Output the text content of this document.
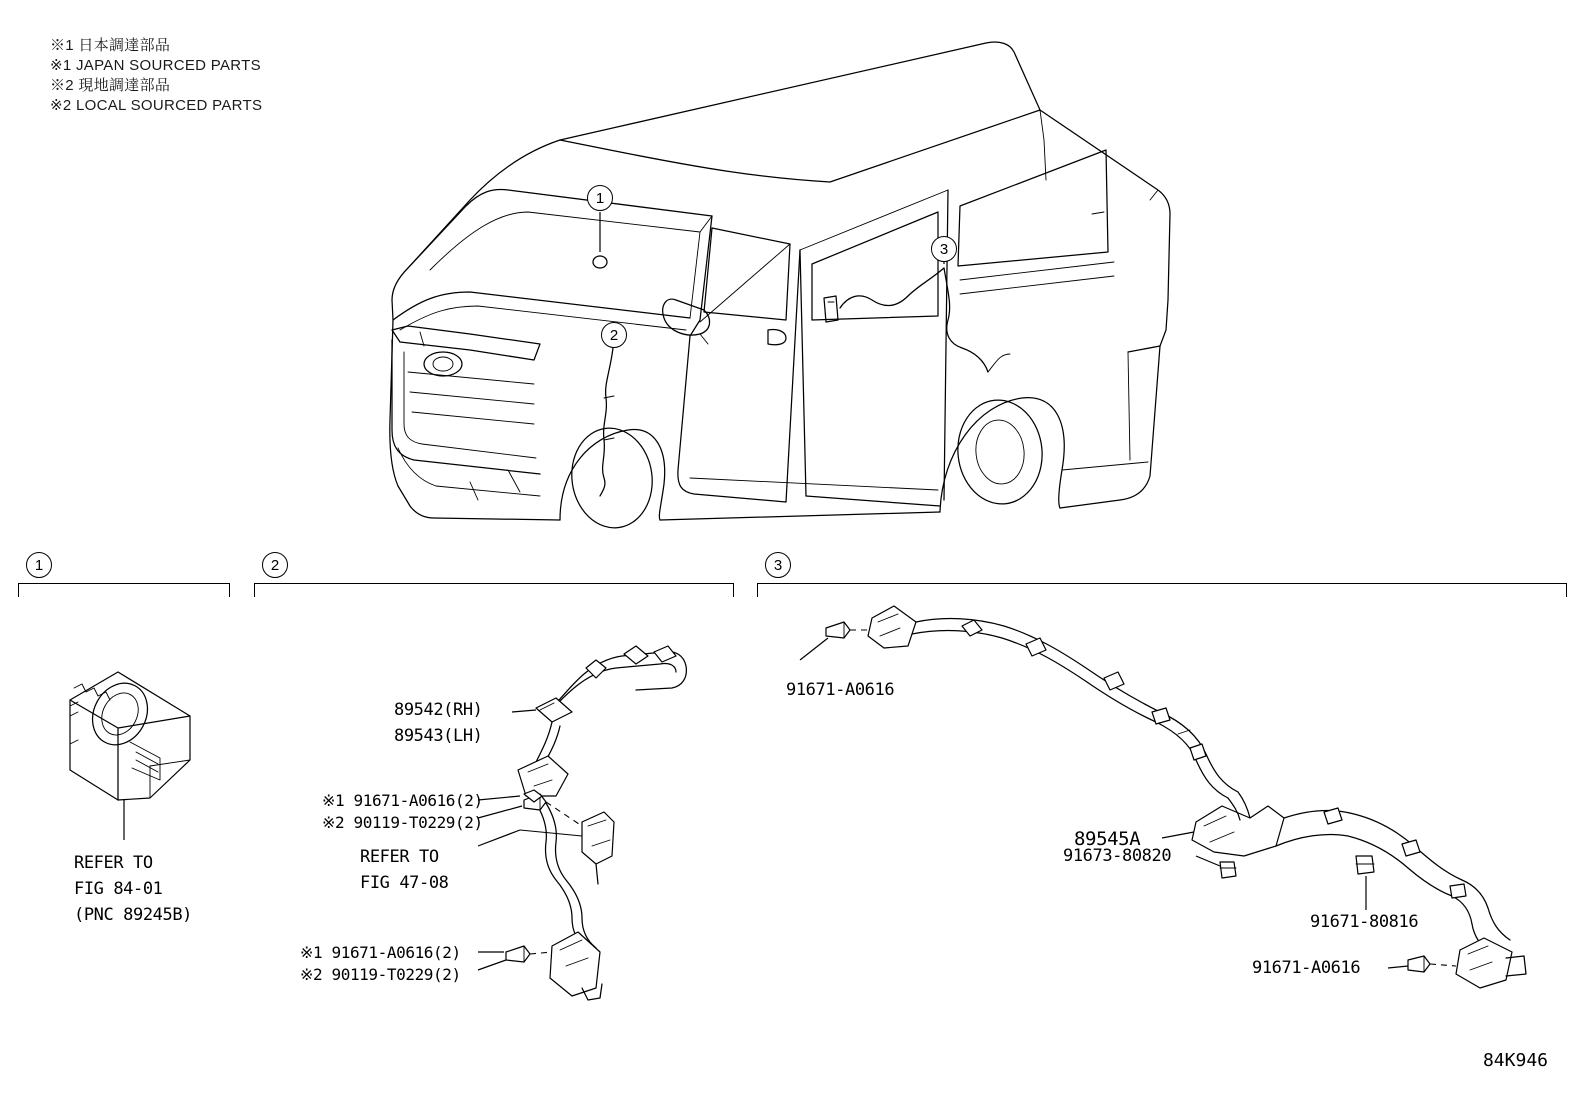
※1 日本調達部品
※1 JAPAN SOURCED PARTS
※2 現地調達部品
※2 LOCAL SOURCED PARTS
1
2
3
1	2	3
REFER TO
FIG 84-01
(PNC 89245B)
89542(RH)
89543(LH)
※1 91671-A0616(2)
※2 90119-T0229(2)
REFER TO
FIG 47-08
※1 91671-A0616(2)
※2 90119-T0229(2)
91671-A0616
89545A
91673-80820
91671-80816
91671-A0616
84K946
